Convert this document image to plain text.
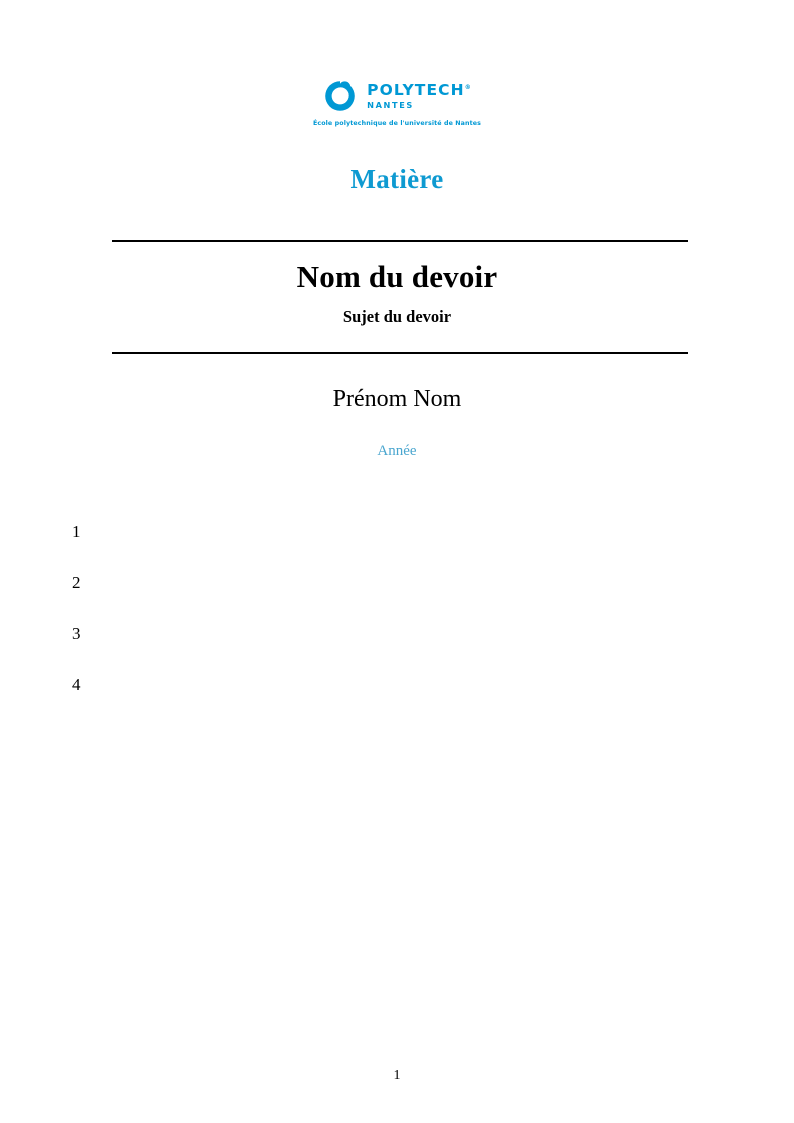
POLYTECH®
NANTES
École polytechnique de l'université de Nantes
Matière
Nom du devoir
Sujet du devoir
Prénom Nom
Année
1
2
3
4
1
